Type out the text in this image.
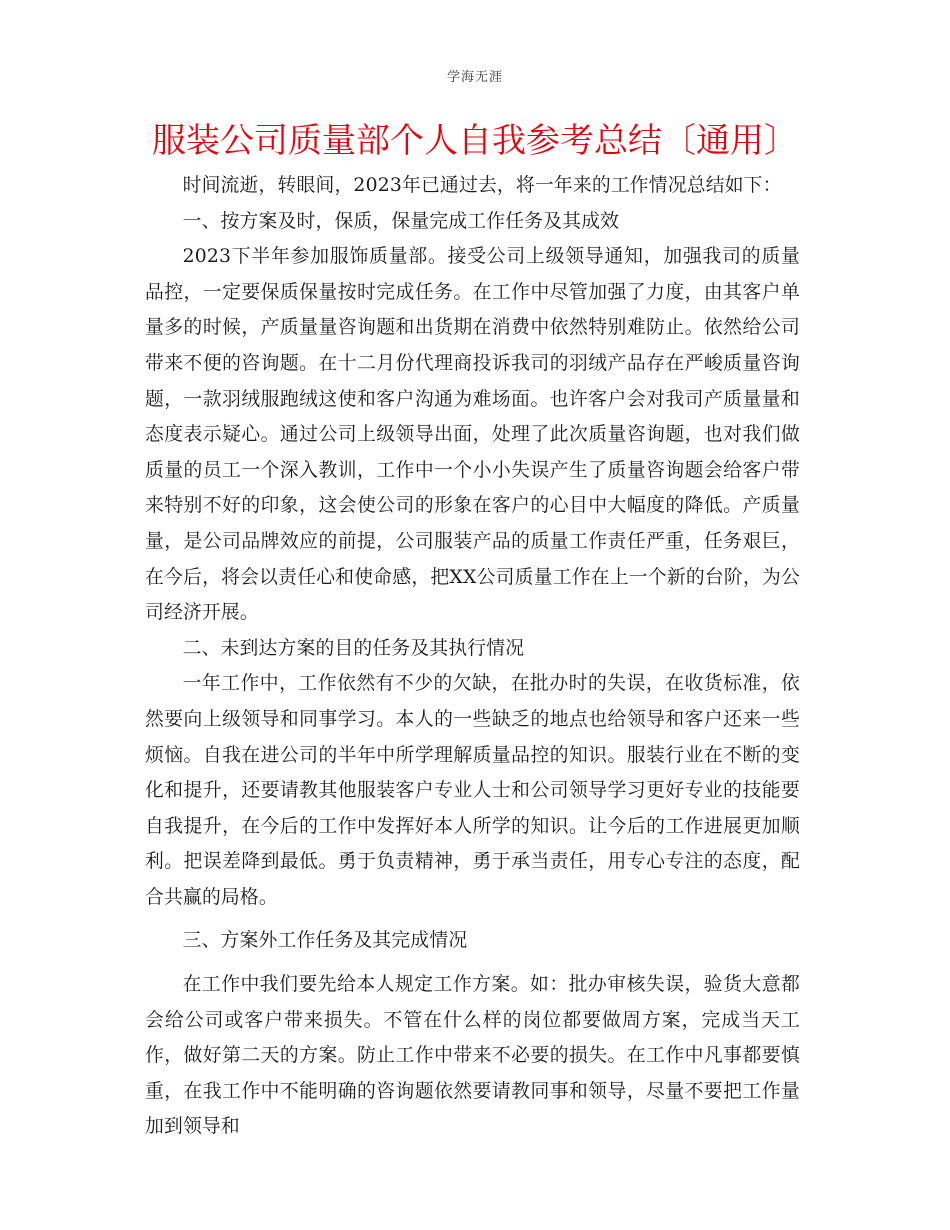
学海无涯
服装公司质量部个人自我参考总结〔通用〕

时间流逝，转眼间，2023年已通过去，将一年来的工作情况总结如下：

一、按方案及时，保质，保量完成工作任务及其成效

2023下半年参加服饰质量部。接受公司上级领导通知，加强我司的质量品控，一定要保质保量按时完成任务。在工作中尽管加强了力度，由其客户单量多的时候，产质量量咨询题和出货期在消费中依然特别难防止。依然给公司带来不便的咨询题。在十二月份代理商投诉我司的羽绒产品存在严峻质量咨询题，一款羽绒服跑绒这使和客户沟通为难场面。也许客户会对我司产质量量和态度表示疑心。通过公司上级领导出面，处理了此次质量咨询题，也对我们做质量的员工一个深入教训，工作中一个小小失误产生了质量咨询题会给客户带来特别不好的印象，这会使公司的形象在客户的心目中大幅度的降低。产质量量，是公司品牌效应的前提，公司服装产品的质量工作责任严重，任务艰巨，在今后，将会以责任心和使命感，把XX公司质量工作在上一个新的台阶，为公司经济开展。

二、未到达方案的目的任务及其执行情况

一年工作中，工作依然有不少的欠缺，在批办时的失误，在收货标准，依然要向上级领导和同事学习。本人的一些缺乏的地点也给领导和客户还来一些烦恼。自我在进公司的半年中所学理解质量品控的知识。服装行业在不断的变化和提升，还要请教其他服装客户专业人士和公司领导学习更好专业的技能要自我提升，在今后的工作中发挥好本人所学的知识。让今后的工作进展更加顺利。把误差降到最低。勇于负责精神，勇于承当责任，用专心专注的态度，配合共赢的局格。

三、方案外工作任务及其完成情况

在工作中我们要先给本人规定工作方案。如：批办审核失误，验货大意都会给公司或客户带来损失。不管在什么样的岗位都要做周方案，完成当天工作，做好第二天的方案。防止工作中带来不必要的损失。在工作中凡事都要慎重，在我工作中不能明确的咨询题依然要请教同事和领导，尽量不要把工作量加到领导和
